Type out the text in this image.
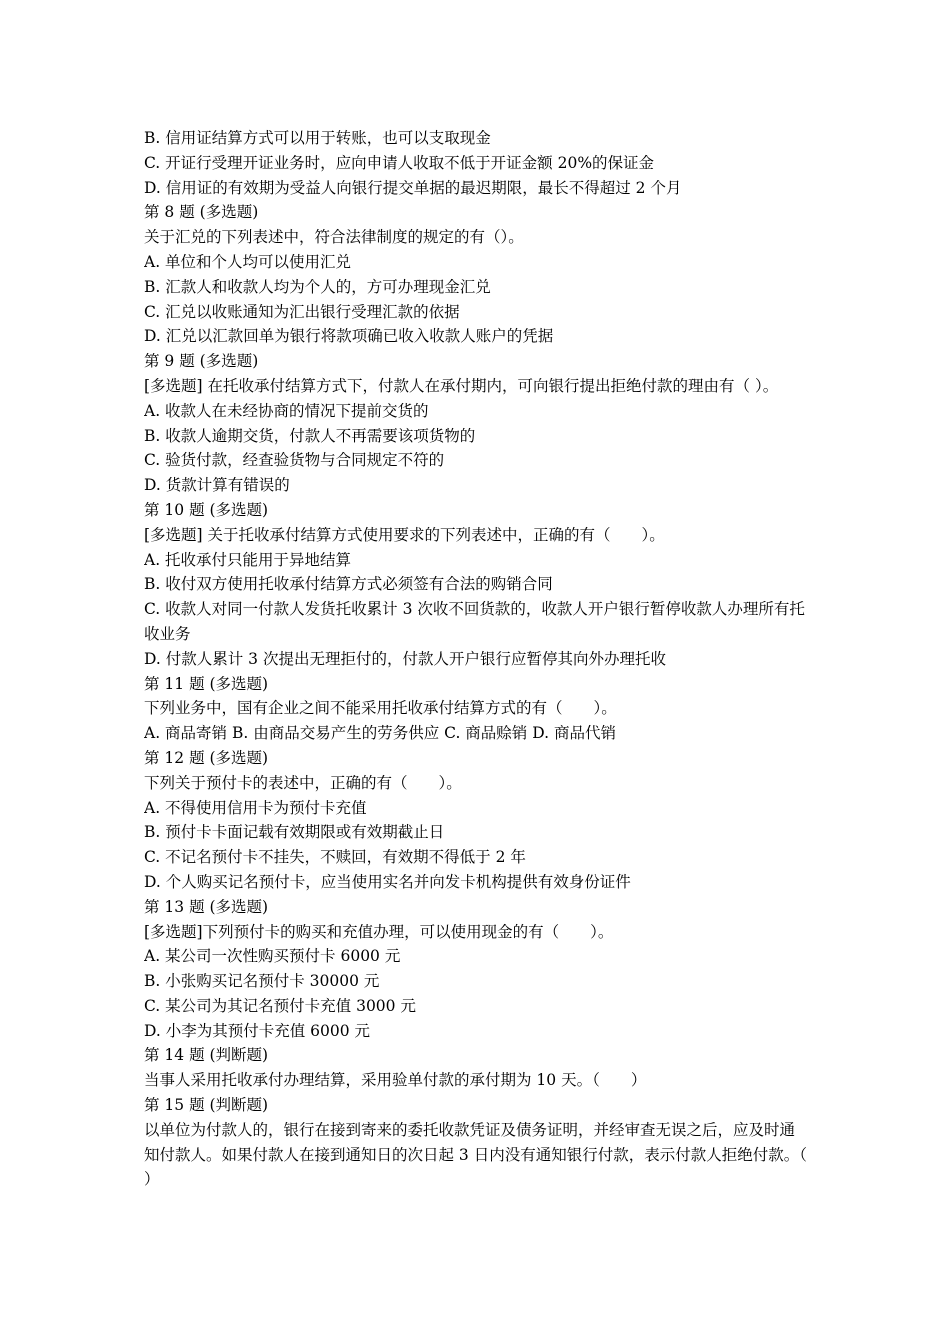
B. 信用证结算方式可以用于转账，也可以支取现金
C. 开证行受理开证业务时，应向申请人收取不低于开证金额 20%的保证金
D. 信用证的有效期为受益人向银行提交单据的最迟期限，最长不得超过 2 个月
第 8 题 (多选题)
关于汇兑的下列表述中，符合法律制度的规定的有（）。
A. 单位和个人均可以使用汇兑
B. 汇款人和收款人均为个人的，方可办理现金汇兑
C. 汇兑以收账通知为汇出银行受理汇款的依据
D. 汇兑以汇款回单为银行将款项确已收入收款人账户的凭据
第 9 题 (多选题)
[多选题] 在托收承付结算方式下，付款人在承付期内，可向银行提出拒绝付款的理由有（ ）。
A. 收款人在未经协商的情况下提前交货的
B. 收款人逾期交货，付款人不再需要该项货物的
C. 验货付款，经查验货物与合同规定不符的
D. 货款计算有错误的
第 10 题 (多选题)
[多选题] 关于托收承付结算方式使用要求的下列表述中，正确的有（　　）。
A. 托收承付只能用于异地结算
B. 收付双方使用托收承付结算方式必须签有合法的购销合同
C. 收款人对同一付款人发货托收累计 3 次收不回货款的，收款人开户银行暂停收款人办理所有托收业务
D. 付款人累计 3 次提出无理拒付的，付款人开户银行应暂停其向外办理托收
第 11 题 (多选题)
下列业务中，国有企业之间不能采用托收承付结算方式的有（　　）。
A. 商品寄销 B. 由商品交易产生的劳务供应 C. 商品赊销 D. 商品代销
第 12 题 (多选题)
下列关于预付卡的表述中，正确的有（　　）。
A. 不得使用信用卡为预付卡充值
B. 预付卡卡面记载有效期限或有效期截止日
C. 不记名预付卡不挂失，不赎回，有效期不得低于 2 年
D. 个人购买记名预付卡，应当使用实名并向发卡机构提供有效身份证件
第 13 题 (多选题)
[多选题]下列预付卡的购买和充值办理，可以使用现金的有（　　）。
A. 某公司一次性购买预付卡 6000 元
B. 小张购买记名预付卡 30000 元
C. 某公司为其记名预付卡充值 3000 元
D. 小李为其预付卡充值 6000 元
第 14 题 (判断题)
当事人采用托收承付办理结算，采用验单付款的承付期为 10 天。（　　）
第 15 题 (判断题)
以单位为付款人的，银行在接到寄来的委托收款凭证及债务证明，并经审查无误之后，应及时通知付款人。如果付款人在接到通知日的次日起 3 日内没有通知银行付款，表示付款人拒绝付款。（　　）
